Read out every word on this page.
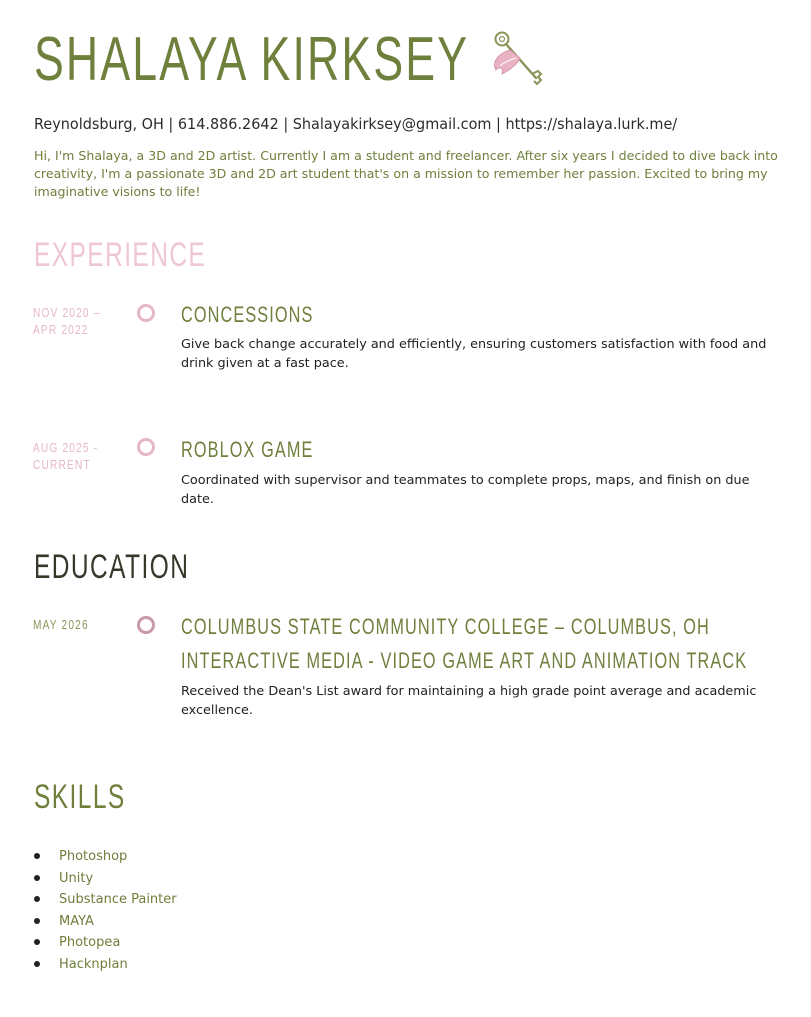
SHALAYA KIRKSEY
Reynoldsburg, OH | 614.886.2642 | Shalayakirksey@gmail.com | https://shalaya.lurk.me/

Hi, I'm Shalaya, a 3D and 2D artist. Currently I am a student and freelancer. After six years I decided to dive back into creativity, I'm a passionate 3D and 2D art student that's on a mission to remember her passion. Excited to bring my imaginative visions to life!

EXPERIENCE
NOV 2020 –
APR 2022
CONCESSIONS

Give back change accurately and efficiently, ensuring customers satisfaction with food and drink given at a fast pace.

AUG 2025 -
CURRENT
ROBLOX GAME

Coordinated with supervisor and teammates to complete props, maps, and finish on due date.

EDUCATION
MAY 2026	COLUMBUS STATE COMMUNITY COLLEGE – COLUMBUS, OH
INTERACTIVE MEDIA - VIDEO GAME ART AND ANIMATION TRACK

Received the Dean's List award for maintaining a high grade point average and academic excellence.

SKILLS
Photoshop
Unity
Substance Painter
MAYA
Photopea
Hacknplan
